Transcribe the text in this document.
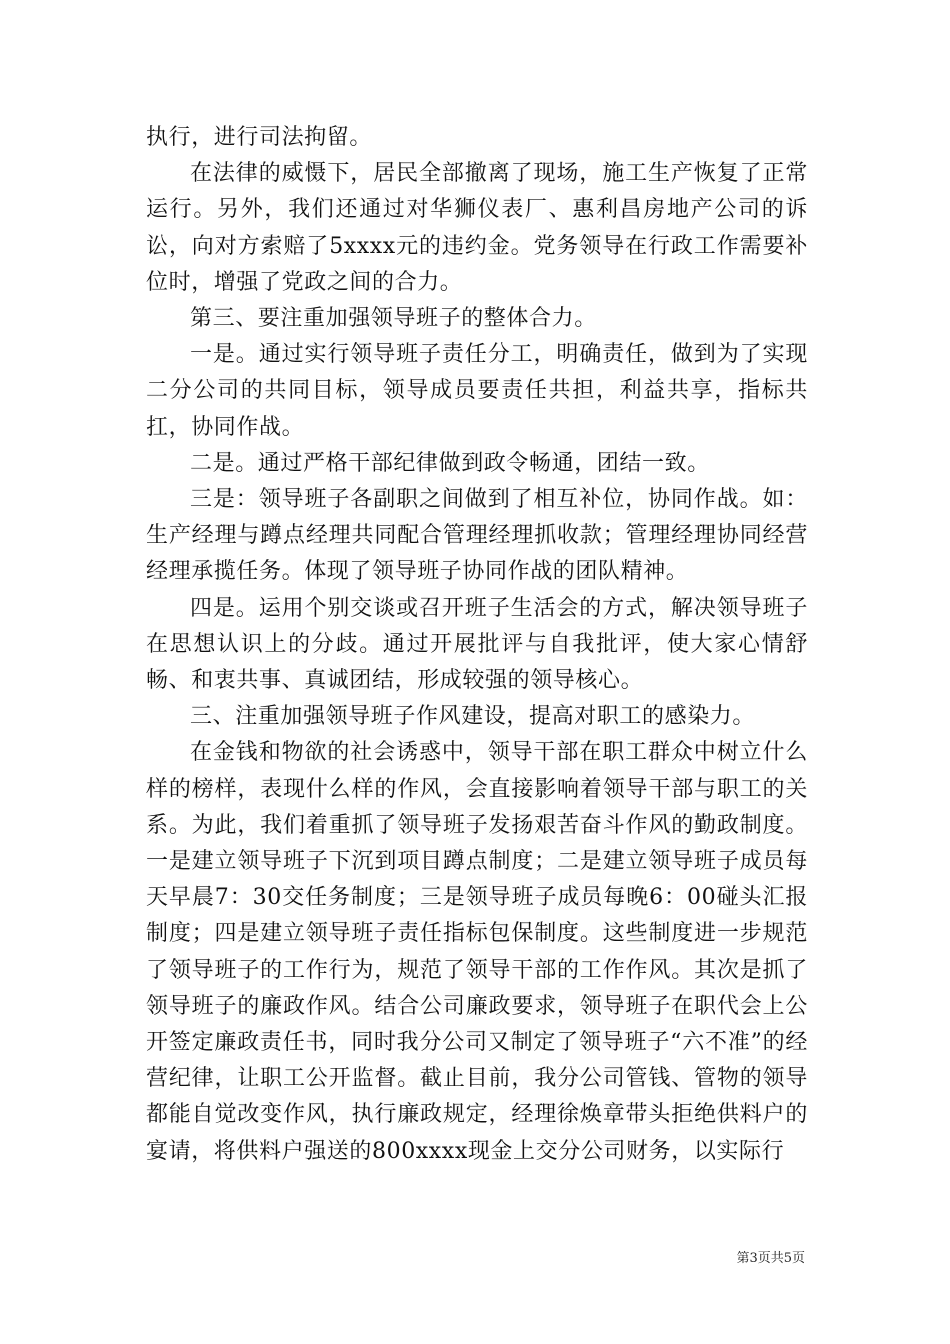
执行，进行司法拘留。

在法律的威慑下，居民全部撤离了现场，施工生产恢复了正常运行。另外，我们还通过对华狮仪表厂、惠利昌房地产公司的诉讼，向对方索赔了5xxxx元的违约金。党务领导在行政工作需要补位时，增强了党政之间的合力。

第三、要注重加强领导班子的整体合力。

一是。通过实行领导班子责任分工，明确责任，做到为了实现二分公司的共同目标，领导成员要责任共担，利益共享，指标共扛，协同作战。

二是。通过严格干部纪律做到政令畅通，团结一致。

三是：领导班子各副职之间做到了相互补位，协同作战。如：生产经理与蹲点经理共同配合管理经理抓收款；管理经理协同经营经理承揽任务。体现了领导班子协同作战的团队精神。

四是。运用个别交谈或召开班子生活会的方式，解决领导班子在思想认识上的分歧。通过开展批评与自我批评，使大家心情舒畅、和衷共事、真诚团结，形成较强的领导核心。

三、注重加强领导班子作风建设，提高对职工的感染力。

在金钱和物欲的社会诱惑中，领导干部在职工群众中树立什么样的榜样，表现什么样的作风，会直接影响着领导干部与职工的关系。为此，我们着重抓了领导班子发扬艰苦奋斗作风的勤政制度。一是建立领导班子下沉到项目蹲点制度；二是建立领导班子成员每天早晨7：30交任务制度；三是领导班子成员每晚6：00碰头汇报制度；四是建立领导班子责任指标包保制度。这些制度进一步规范了领导班子的工作行为，规范了领导干部的工作作风。其次是抓了领导班子的廉政作风。结合公司廉政要求，领导班子在职代会上公开签定廉政责任书，同时我分公司又制定了领导班子“六不准”的经营纪律，让职工公开监督。截止目前，我分公司管钱、管物的领导都能自觉改变作风，执行廉政规定，经理徐焕章带头拒绝供料户的宴请，将供料户强送的800xxxx现金上交分公司财务，以实际行

第3页共5页
